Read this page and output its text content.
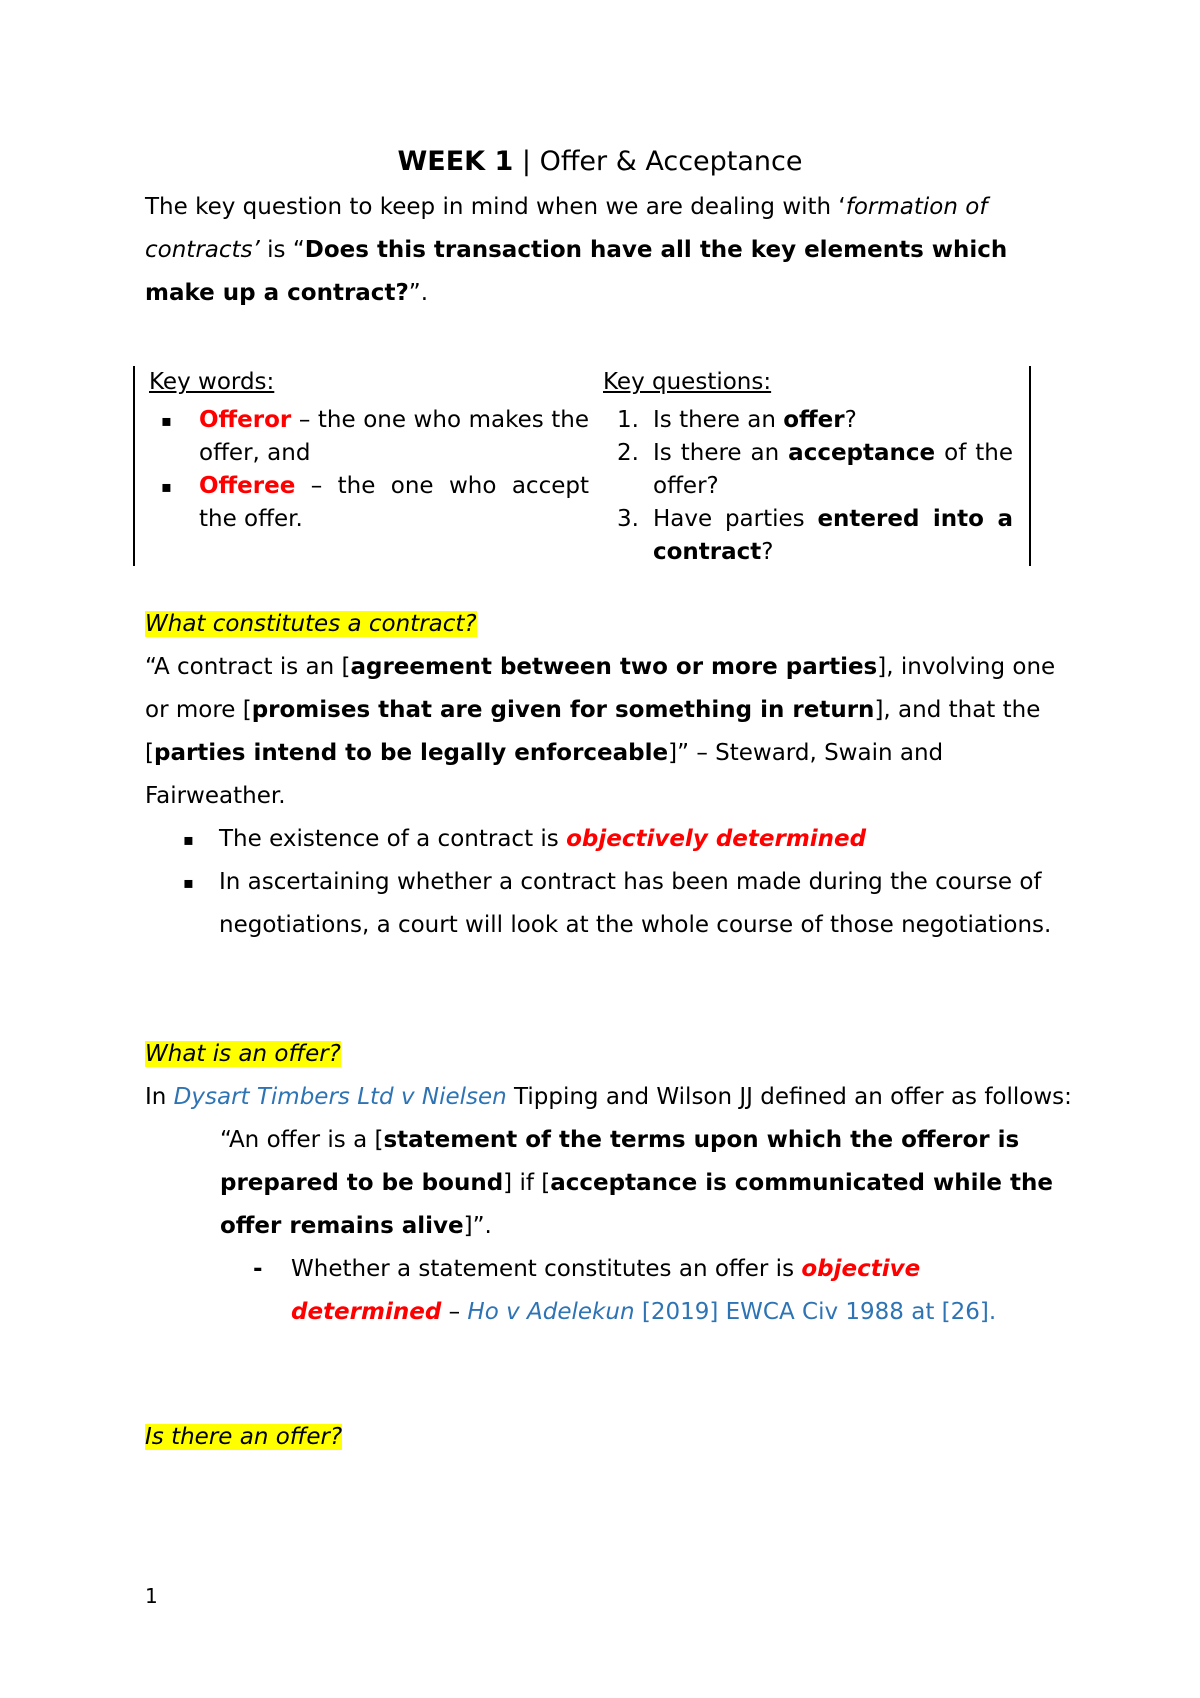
WEEK 1 | Offer & Acceptance

The key question to keep in mind when we are dealing with ‘formation of contracts’ is “Does this transaction have all the key elements which make up a contract?”.

Key words:
▪ Offeror – the one who makes the offer, and
▪ Offeree – the one who accept the offer.
Key questions:
1. Is there an offer?
2. Is there an acceptance of the offer?
3. Have parties entered into a contract?

What constitutes a contract?

“A contract is an [agreement between two or more parties], involving one or more [promises that are given for something in return], and that the [parties intend to be legally enforceable]” – Steward, Swain and Fairweather.

▪ The existence of a contract is objectively determined

▪ In ascertaining whether a contract has been made during the course of negotiations, a court will look at the whole course of those negotiations.

What is an offer?

In Dysart Timbers Ltd v Nielsen Tipping and Wilson JJ defined an offer as follows:

“An offer is a [statement of the terms upon which the offeror is prepared to be bound] if [acceptance is communicated while the offer remains alive]”.

- Whether a statement constitutes an offer is objective determined – Ho v Adelekun [2019] EWCA Civ 1988 at [26].

Is there an offer?

1
